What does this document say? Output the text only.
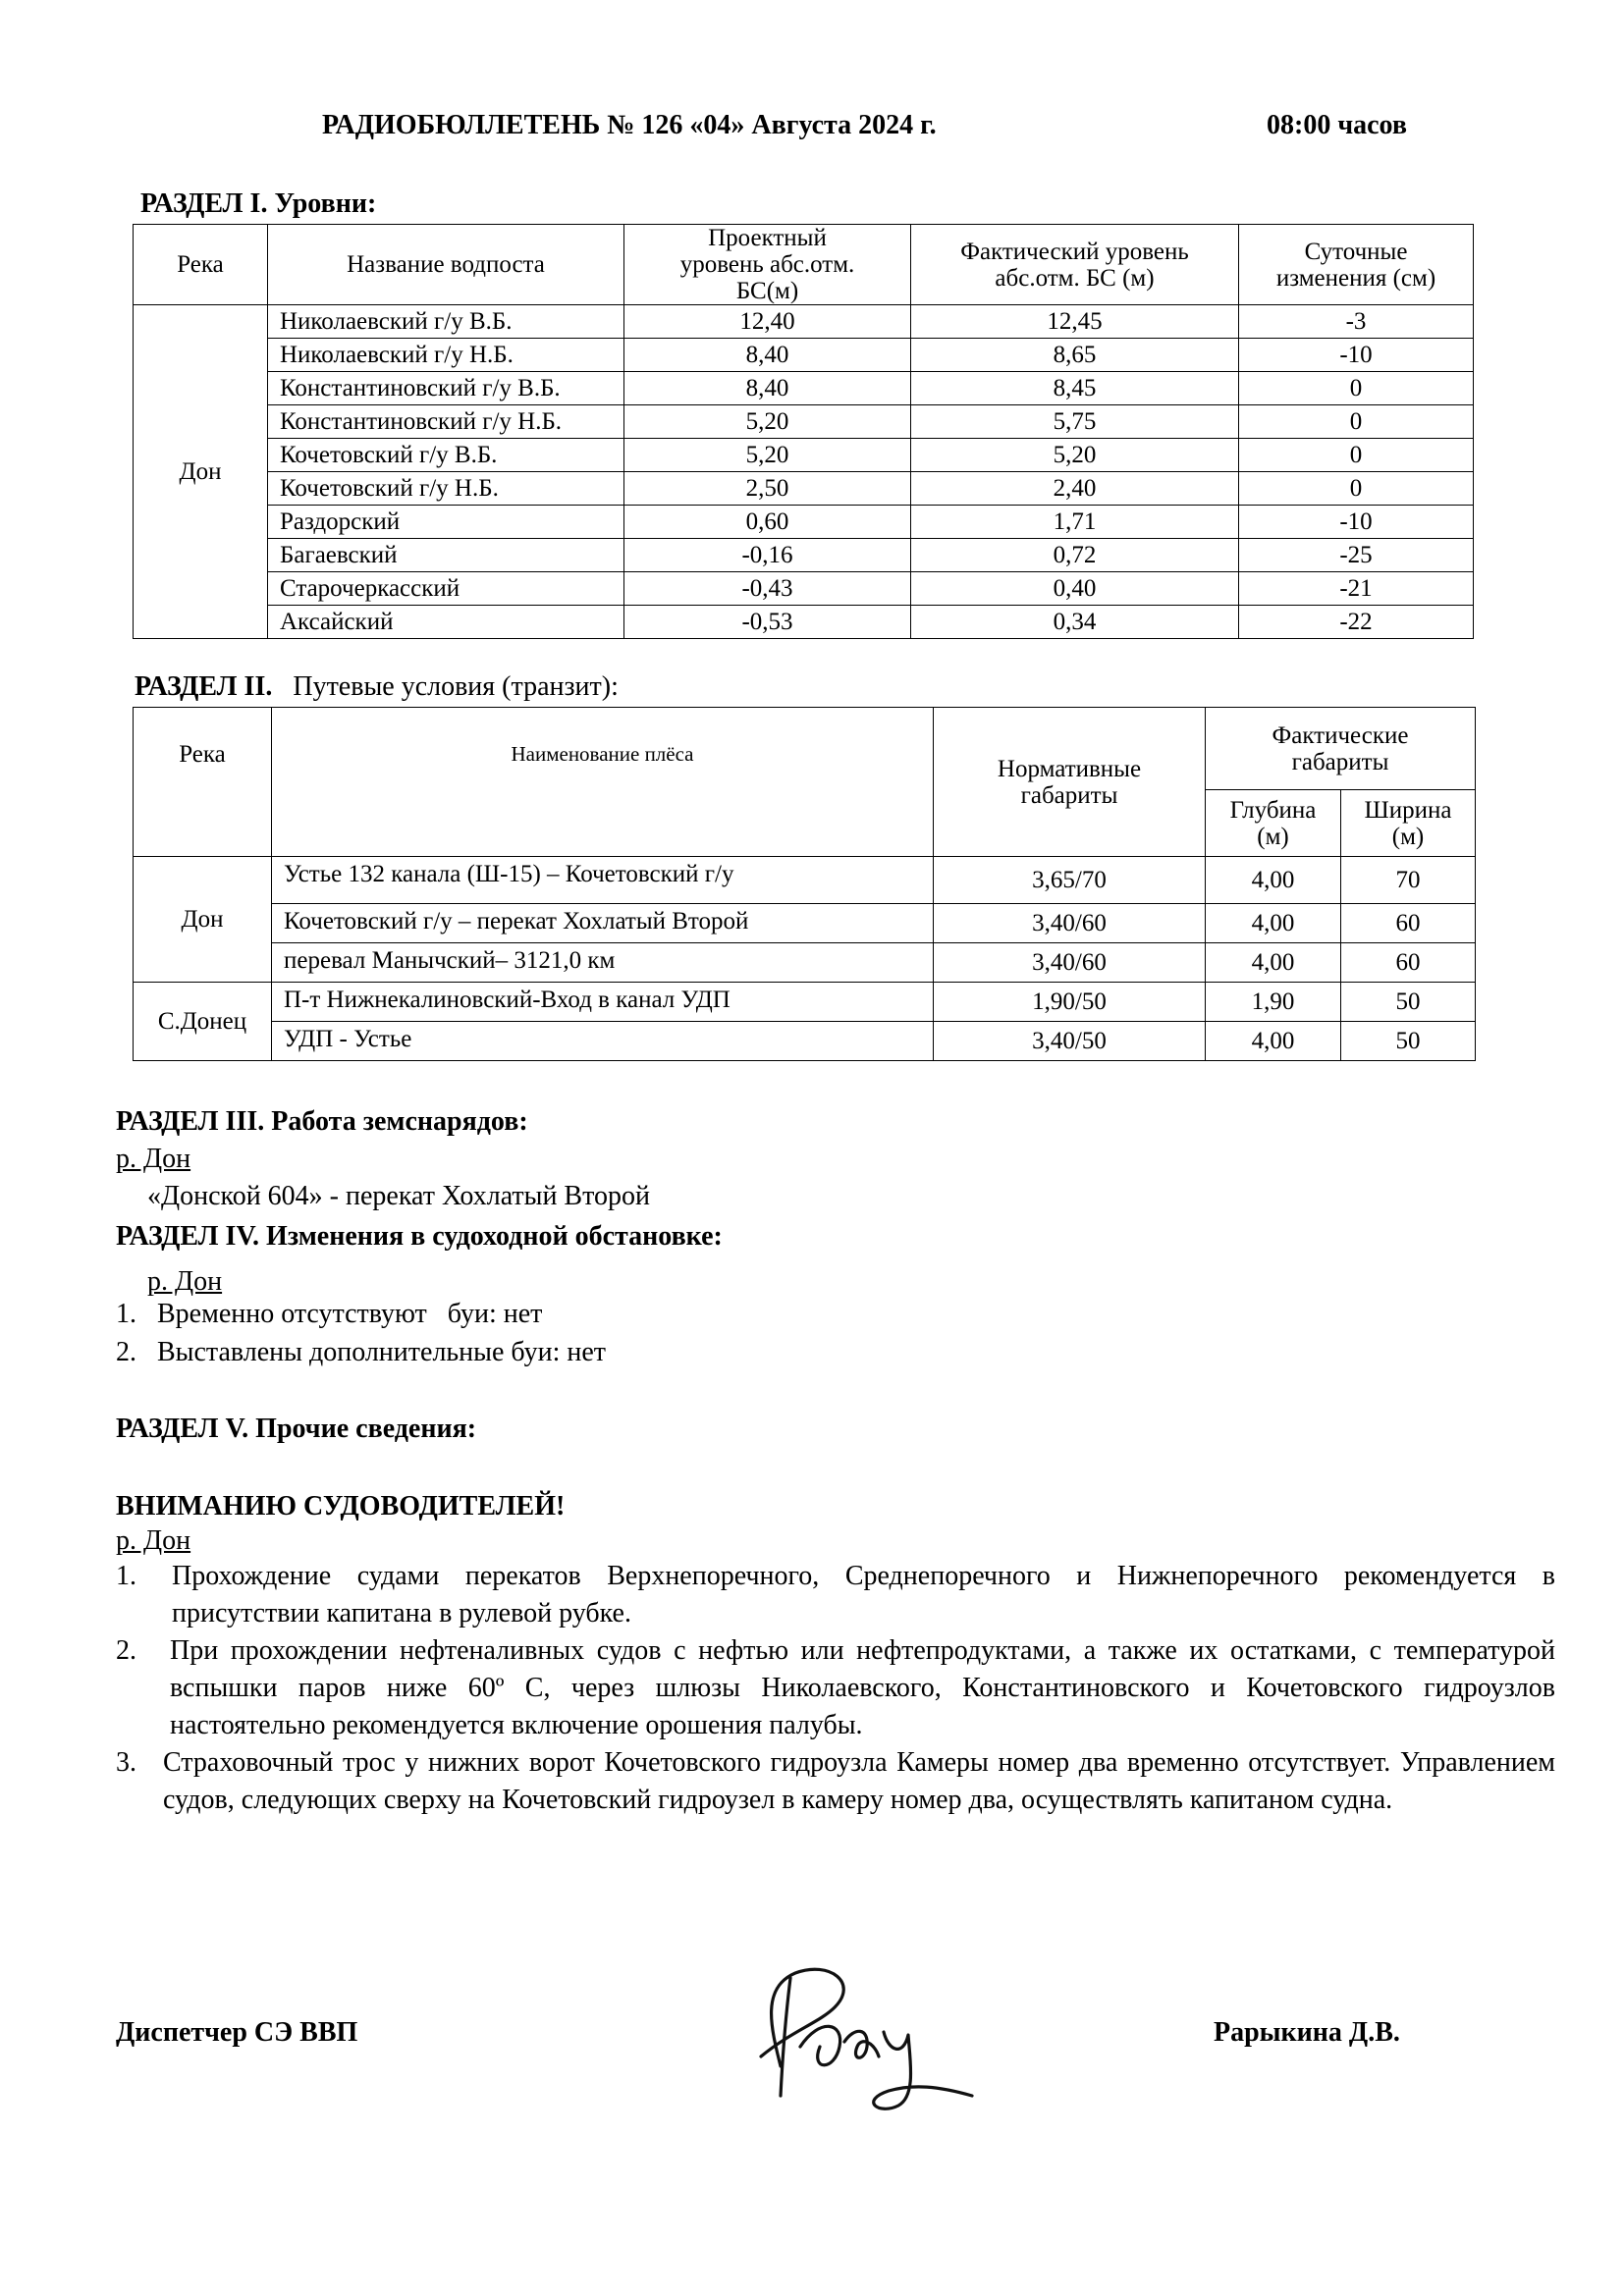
РАДИОБЮЛЛЕТЕНЬ № 126 «04» Августа 2024 г.	08:00 часов
РАЗДЕЛ I. Уровни:
Река	Название водпоста	Проектный уровень абс.отм. БС(м)	Фактический уровень абс.отм. БС (м)	Суточные изменения (см)
Дон	Николаевский г/у В.Б.	12,40	12,45	-3
	Николаевский г/у Н.Б.	8,40	8,65	-10
	Константиновский г/у В.Б.	8,40	8,45	0
	Константиновский г/у Н.Б.	5,20	5,75	0
	Кочетовский г/у В.Б.	5,20	5,20	0
	Кочетовский г/у Н.Б.	2,50	2,40	0
	Раздорский	0,60	1,71	-10
	Багаевский	-0,16	0,72	-25
	Старочеркасский	-0,43	0,40	-21
	Аксайский	-0,53	0,34	-22
РАЗДЕЛ II. Путевые условия (транзит):
Река	Наименование плёса	Нормативные габариты	Фактические габариты	
			Глубина (м)	Ширина (м)
Дон	Устье 132 канала (Ш-15) – Кочетовский г/у	3,65/70	4,00	70
	Кочетовский г/у – перекат Хохлатый Второй	3,40/60	4,00	60
	перевал Манычский– 3121,0 км	3,40/60	4,00	60
С.Донец	П-т Нижнекалиновский-Вход в канал УДП	1,90/50	1,90	50
	УДП - Устье	3,40/50	4,00	50
РАЗДЕЛ III. Работа земснарядов:
р. Дон
«Донской 604» - перекат Хохлатый Второй
РАЗДЕЛ IV. Изменения в судоходной обстановке:
р. Дон
1.   Временно отсутствуют   буи: нет
2.   Выставлены дополнительные буи: нет
РАЗДЕЛ V. Прочие сведения:
ВНИМАНИЮ СУДОВОДИТЕЛЕЙ!
р. Дон
1.	Прохождение судами перекатов Верхнепоречного, Среднепоречного и Нижнепоречного рекомендуется в присутствии капитана в рулевой рубке.
2.	При прохождении нефтеналивных судов с нефтью или нефтепродуктами, а также их остатками, с температурой вспышки паров ниже 60º С, через шлюзы Николаевского, Константиновского и Кочетовского гидроузлов настоятельно рекомендуется включение орошения палубы.
3. Страховочный трос у нижних ворот Кочетовского гидроузла Камеры номер два временно отсутствует. Управлением судов, следующих сверху на Кочетовский гидроузел в камеру номер два, осуществлять капитаном судна.
Диспетчер СЭ ВВП	Рарыкина Д.В.
